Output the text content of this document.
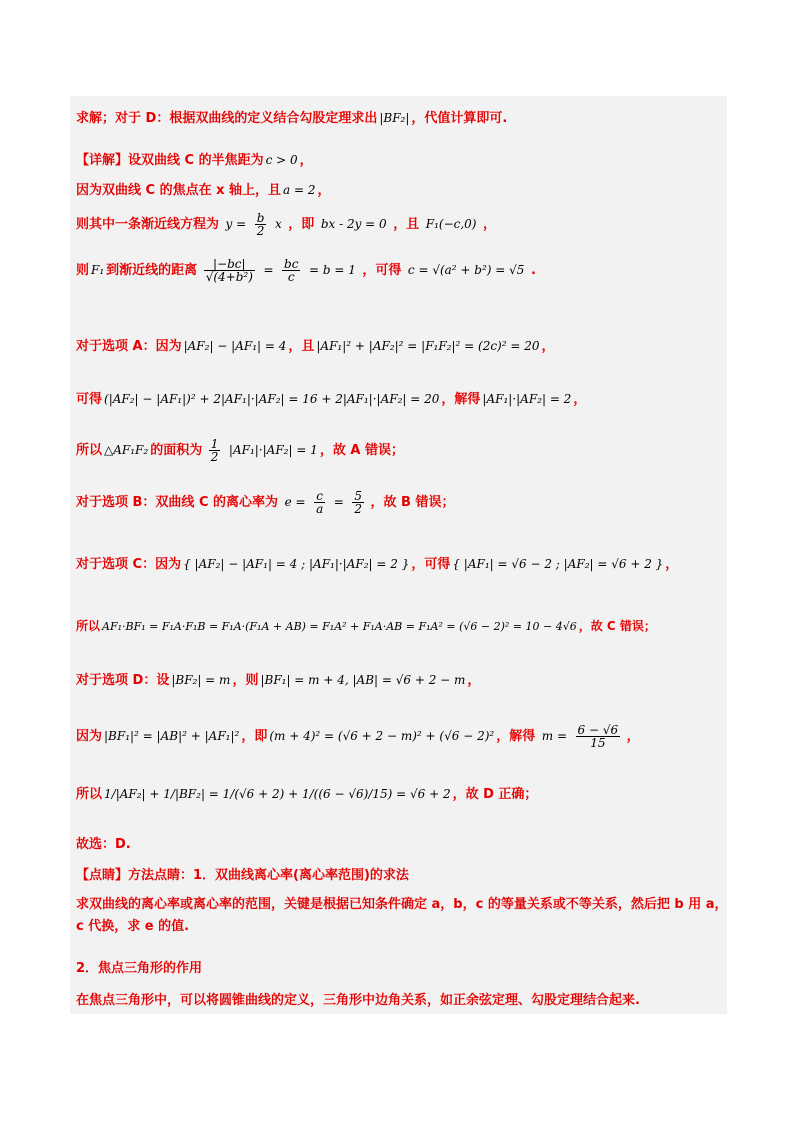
求解；对于 D：根据双曲线的定义结合勾股定理求出 |BF₂| ，代值计算即可.
【详解】设双曲线 C 的半焦距为 c > 0 ，
因为双曲线 C 的焦点在 x 轴上，且 a = 2 ，
则其中一条渐近线方程为 $y = \frac{b}{2}$ x ，即 bx - 2y = 0 ，且 F₁(−c,0) ，
则 F₁ 到渐近线的距离 $\frac{|-bc|}{\text{√(4+b²)}} = \frac{bc}{c} = b = 1$ ，可得 c = √(a² + b²) = √5 .
对于选项 A：因为 |AF₂| − |AF₁| = 4 ，且 |AF₁|² + |AF₂|² = |F₁F₂|² = (2c)² = 20 ，
可得 (|AF₂| − |AF₁|)² + 2|AF₁|·|AF₂| = 16 + 2|AF₁|·|AF₂| = 20 ，解得 |AF₁|·|AF₂| = 2 ，
所以 △AF₁F₂ 的面积为 $\frac{1}{2} |AF_1|\cdot|AF_2| = 1$ ，故 A 错误；
对于选项 B：双曲线 C 的离心率为 $e = \frac{c}{a} = \frac{5}{2}$ ，故 B 错误；
对于选项 C：因为 { |AF₂| − |AF₁| = 4 ; |AF₁|·|AF₂| = 2 } ，可得 { |AF₁| = √6 − 2 ; |AF₂| = √6 + 2 } ，
所以 AF₁·BF₁ = F₁A·F₁B = F₁A·(F₁A + AB) = F₁A² + F₁A·AB = F₁A² = (√6 − 2)² = 10 − 4√6 ，故 C 错误；
对于选项 D：设 |BF₂| = m ，则 |BF₁| = m + 4, |AB| = √6 + 2 − m ，
因为 |BF₁|² = |AB|² + |AF₁|² ，即 (m + 4)² = (√6 + 2 − m)² + (√6 − 2)² ，解得 $m = \frac{6 - √6}{15}$ ，
所以 1/|AF₂| + 1/|BF₂| = 1/(√6 + 2) + 1/((6 − √6)/15) = √6 + 2 ，故 D 正确；
故选：D.
【点睛】方法点睛：1．双曲线离心率(离心率范围)的求法
求双曲线的离心率或离心率的范围，关键是根据已知条件确定 a，b，c 的等量关系或不等关系，然后把 b 用 a，c 代换，求 e 的值.
2．焦点三角形的作用
在焦点三角形中，可以将圆锥曲线的定义，三角形中边角关系，如正余弦定理、勾股定理结合起来.
